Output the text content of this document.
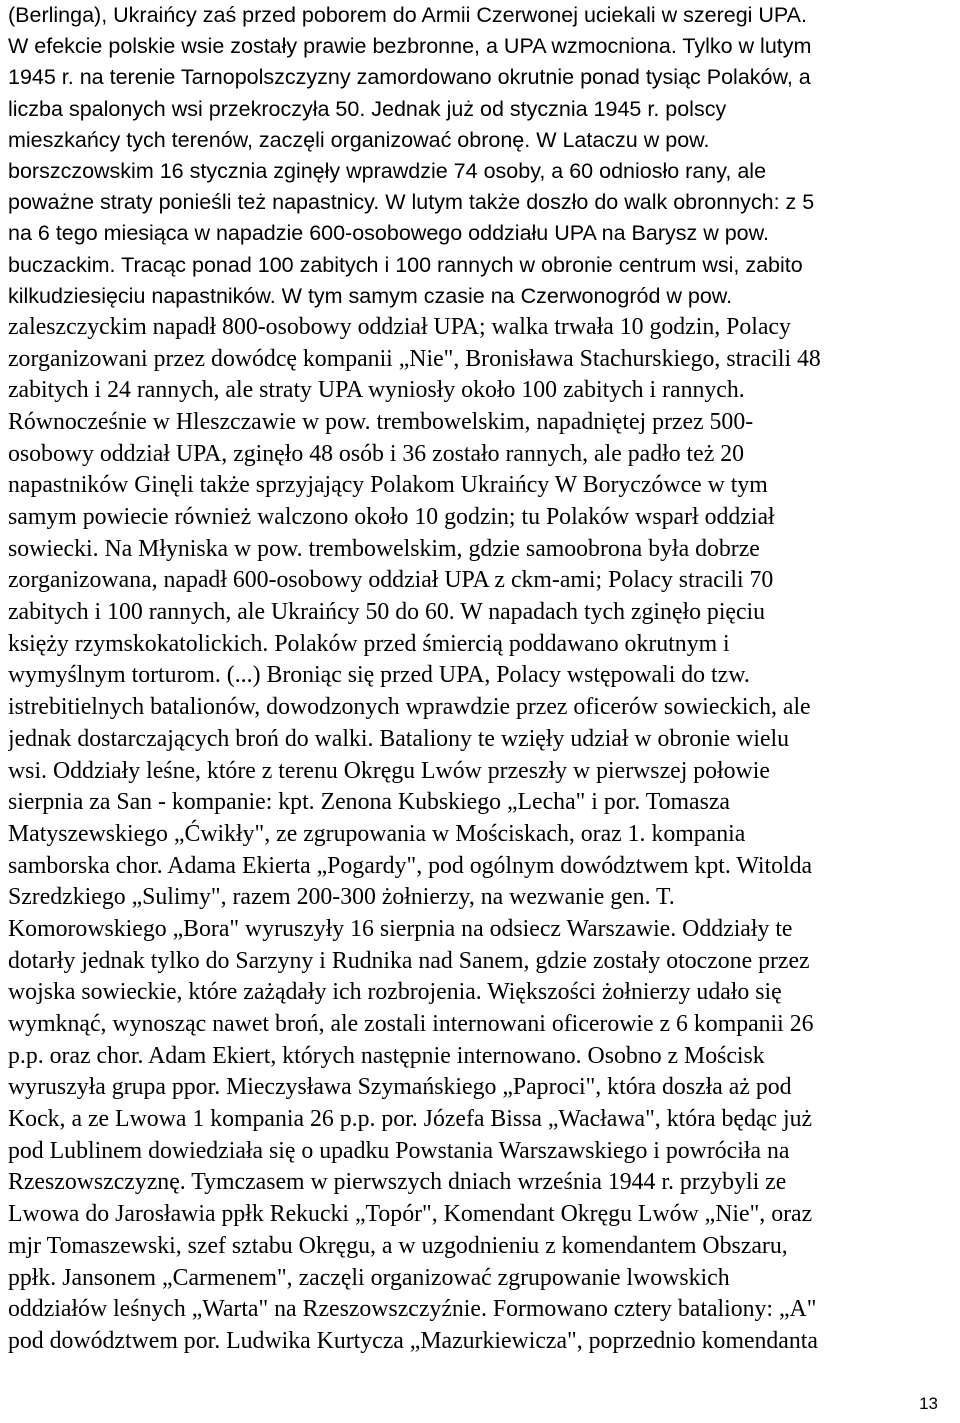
(Berlinga), Ukraińcy zaś przed poborem do Armii Czerwonej uciekali w szeregi UPA.
W efekcie polskie wsie zostały prawie bezbronne, a UPA wzmocniona. Tylko w lutym
1945 r. na terenie Tarnopolszczyzny zamordowano okrutnie ponad tysiąc Polaków, a
liczba spalonych wsi przekroczyła 50. Jednak już od stycznia 1945 r. polscy
mieszkańcy tych terenów, zaczęli organizować obronę. W Lataczu w pow.
borszczowskim 16 stycznia zginęły wprawdzie 74 osoby, a 60 odniosło rany, ale
poważne straty ponieśli też napastnicy. W lutym także doszło do walk obronnych: z 5
na 6 tego miesiąca w napadzie 600-osobowego oddziału UPA na Barysz w pow.
buczackim. Tracąc ponad 100 zabitych i 100 rannych w obronie centrum wsi, zabito
kilkudziesięciu napastników. W tym samym czasie na Czerwonogród w pow.
zaleszczyckim napadł 800-osobowy oddział UPA; walka trwała 10 godzin, Polacy
zorganizowani przez dowódcę kompanii „Nie", Bronisława Stachurskiego, stracili 48
zabitych i 24 rannych, ale straty UPA wyniosły około 100 zabitych i rannych.
Równocześnie w Hleszczawie w pow. trembowelskim, napadniętej przez 500-
osobowy oddział UPA, zginęło 48 osób i 36 zostało rannych, ale padło też 20
napastników Ginęli także sprzyjający Polakom Ukraińcy W Boryczówce w tym
samym powiecie również walczono około 10 godzin; tu Polaków wsparł oddział
sowiecki. Na Młyniska w pow. trembowelskim, gdzie samoobrona była dobrze
zorganizowana, napadł 600-osobowy oddział UPA z ckm-ami; Polacy stracili 70
zabitych i 100 rannych, ale Ukraińcy 50 do 60. W napadach tych zginęło pięciu
księży rzymskokatolickich. Polaków przed śmiercią poddawano okrutnym i
wymyślnym torturom. (...) Broniąc się przed UPA, Polacy wstępowali do tzw.
istrebitielnych batalionów, dowodzonych wprawdzie przez oficerów sowieckich, ale
jednak dostarczających broń do walki. Bataliony te wzięły udział w obronie wielu
wsi. Oddziały leśne, które z terenu Okręgu Lwów przeszły w pierwszej połowie
sierpnia za San - kompanie: kpt. Zenona Kubskiego „Lecha" i por. Tomasza
Matyszewskiego „Ćwikły", ze zgrupowania w Mościskach, oraz 1. kompania
samborska chor. Adama Ekierta „Pogardy", pod ogólnym dowództwem kpt. Witolda
Szredzkiego „Sulimy", razem 200-300 żołnierzy, na wezwanie gen. T.
Komorowskiego „Bora" wyruszyły 16 sierpnia na odsiecz Warszawie. Oddziały te
dotarły jednak tylko do Sarzyny i Rudnika nad Sanem, gdzie zostały otoczone przez
wojska sowieckie, które zażądały ich rozbrojenia. Większości żołnierzy udało się
wymknąć, wynosząc nawet broń, ale zostali internowani oficerowie z 6 kompanii 26
p.p. oraz chor. Adam Ekiert, których następnie internowano. Osobno z Mościsk
wyruszyła grupa ppor. Mieczysława Szymańskiego „Paproci", która doszła aż pod
Kock, a ze Lwowa 1 kompania 26 p.p. por. Józefa Bissa „Wacława", która będąc już
pod Lublinem dowiedziała się o upadku Powstania Warszawskiego i powróciła na
Rzeszowszczyznę. Tymczasem w pierwszych dniach września 1944 r. przybyli ze
Lwowa do Jarosławia ppłk Rekucki „Topór", Komendant Okręgu Lwów „Nie", oraz
mjr Tomaszewski, szef sztabu Okręgu, a w uzgodnieniu z komendantem Obszaru,
ppłk. Jansonem „Carmenem", zaczęli organizować zgrupowanie lwowskich
oddziałów leśnych „Warta" na Rzeszowszczyźnie. Formowano cztery bataliony: „A"
pod dowództwem por. Ludwika Kurtycza „Mazurkiewicza", poprzednio komendanta
13
